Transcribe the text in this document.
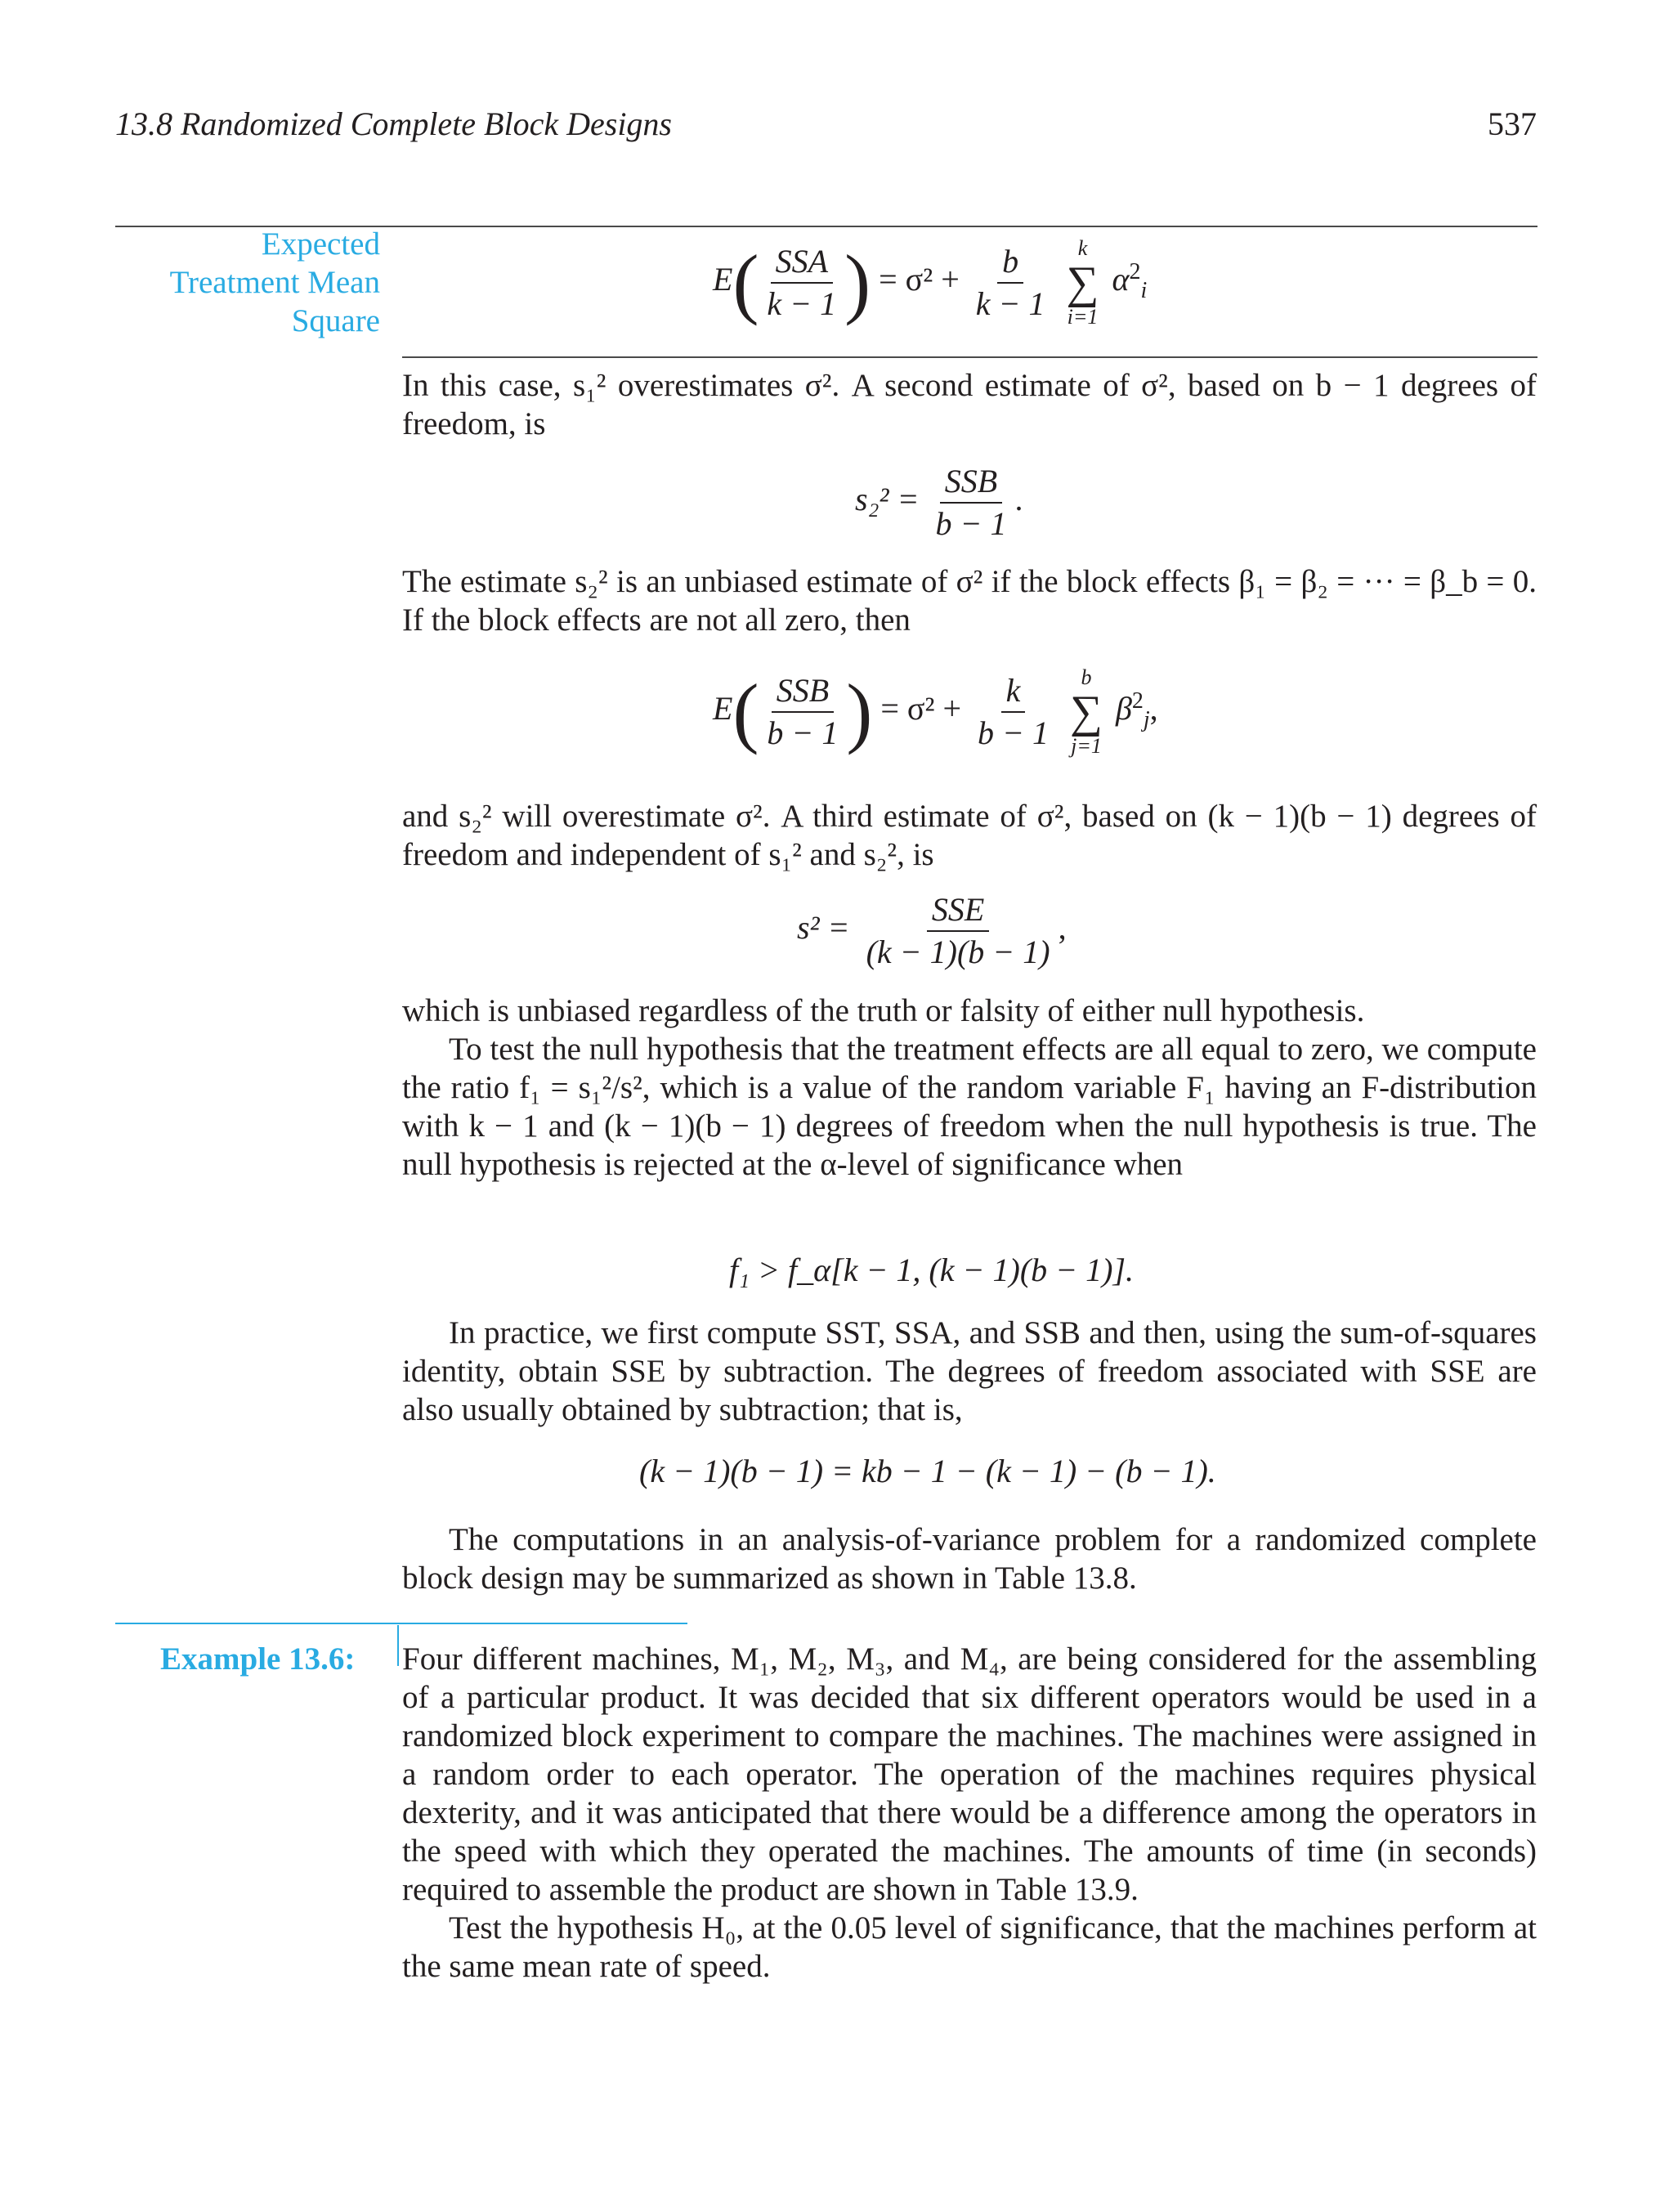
13.8 Randomized Complete Block Designs	537
Expected Treatment Mean Square
$E( \frac{\text{SSA}}{k - 1}$ ) = $\sigma^2 + \frac{b}{k - 1}$
k
∑
i=1
$\alpha^2_i$

In this case, s₁² overestimates σ². A second estimate of σ², based on b − 1 degrees of freedom, is

$s_2^2 = \frac{\text{SSB}}{b - 1}$ .

The estimate s₂² is an unbiased estimate of σ² if the block effects β₁ = β₂ = ··· = β_b = 0. If the block effects are not all zero, then

$E( \frac{\text{SSB}}{b - 1}$ ) = $\sigma^2 + \frac{k}{b - 1}$
b
∑
j=1
$\beta^2_j$,

and s₂² will overestimate σ². A third estimate of σ², based on (k − 1)(b − 1) degrees of freedom and independent of s₁² and s₂², is

$s^2 = \frac{\text{SSE}}{(k - 1)(b - 1)}$ ,

which is unbiased regardless of the truth or falsity of either null hypothesis.

To test the null hypothesis that the treatment effects are all equal to zero, we compute the ratio f₁ = s₁²/s², which is a value of the random variable F₁ having an F-distribution with k − 1 and (k − 1)(b − 1) degrees of freedom when the null hypothesis is true. The null hypothesis is rejected at the α-level of significance when

f₁ > f_α[k − 1, (k − 1)(b − 1)].

In practice, we first compute SST, SSA, and SSB and then, using the sum-of-squares identity, obtain SSE by subtraction. The degrees of freedom associated with SSE are also usually obtained by subtraction; that is,

(k − 1)(b − 1) = kb − 1 − (k − 1) − (b − 1).

The computations in an analysis-of-variance problem for a randomized complete block design may be summarized as shown in Table 13.8.

Example 13.6: Four different machines, M₁, M₂, M₃, and M₄, are being considered for the assembling of a particular product. It was decided that six different operators would be used in a randomized block experiment to compare the machines. The machines were assigned in a random order to each operator. The operation of the machines requires physical dexterity, and it was anticipated that there would be a difference among the operators in the speed with which they operated the machines. The amounts of time (in seconds) required to assemble the product are shown in Table 13.9.

Test the hypothesis H₀, at the 0.05 level of significance, that the machines perform at the same mean rate of speed.
